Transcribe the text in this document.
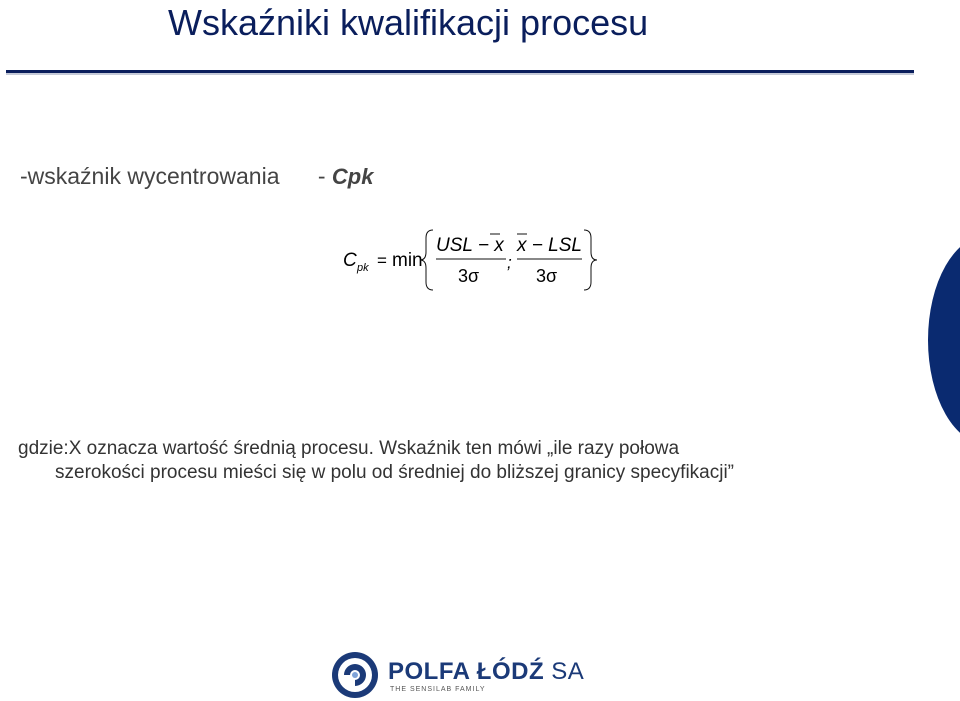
Wskaźniki kwalifikacji procesu
-wskaźnik wycentrowania - Cpk
C pk = min
USL − x
3σ
;
x − LSL
3σ
gdzie:X oznacza wartość średnią procesu. Wskaźnik ten mówi „ile razy połowa
szerokości procesu mieści się w polu od średniej do bliższej granicy specyfikacji”
POLFA ŁÓDŹ SA
THE SENSILAB FAMILY
